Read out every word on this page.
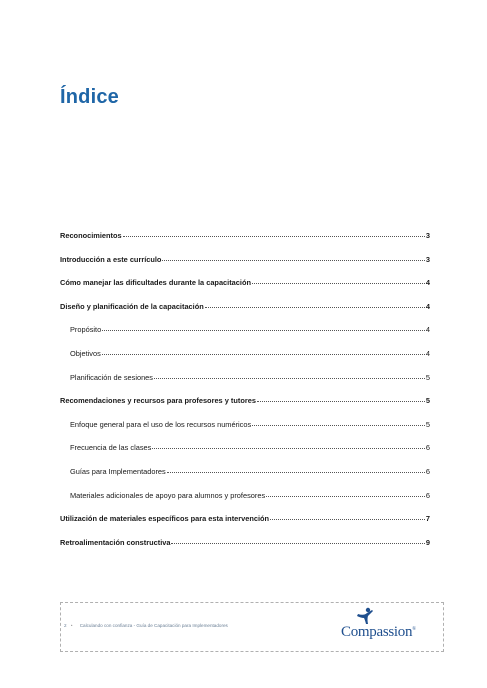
Índice
Reconocimientos	3
Introducción a este currículo	3
Cómo manejar las dificultades durante la capacitación	4
Diseño y planificación de la capacitación	4
Propósito	4
Objetivos	4
Planificación de sesiones	5
Recomendaciones y recursos para profesores y tutores	5
Enfoque general para el uso de los recursos numéricos	5
Frecuencia de las clases	6
Guías para Implementadores	6
Materiales adicionales de apoyo para alumnos y profesores	6
Utilización de materiales específicos para esta intervención	7
Retroalimentación constructiva	9
2 • Calculando con confianza - Guía de Capacitación para Implementadores	Compassion®
